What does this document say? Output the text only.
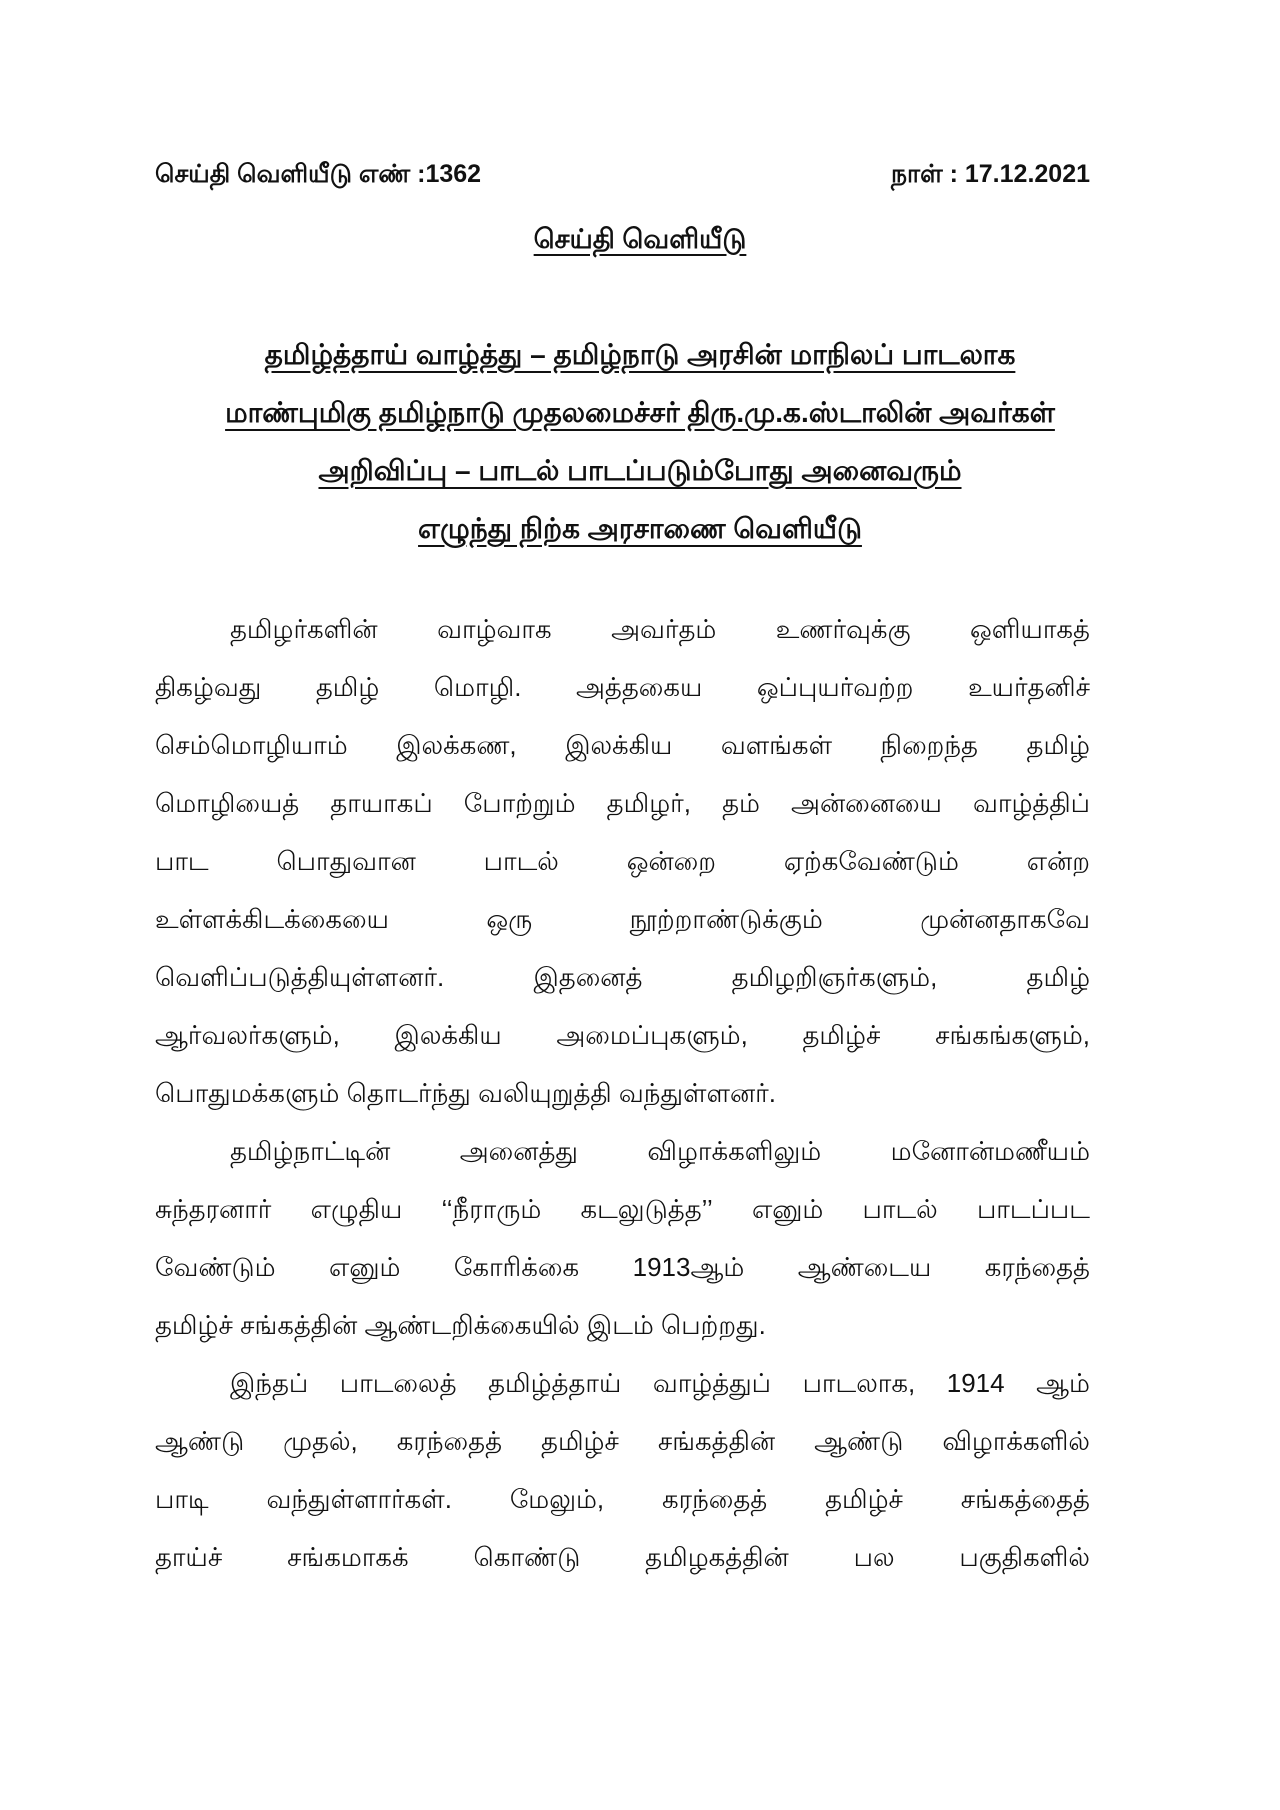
செய்தி வெளியீடு எண் :1362	நாள் : 17.12.2021
செய்தி வெளியீடு
தமிழ்த்தாய் வாழ்த்து – தமிழ்நாடு அரசின் மாநிலப் பாடலாக
மாண்புமிகு தமிழ்நாடு முதலமைச்சர் திரு.மு.க.ஸ்டாலின் அவர்கள்
அறிவிப்பு – பாடல் பாடப்படும்போது அனைவரும்
எழுந்து நிற்க அரசாணை வெளியீடு
தமிழர்களின் வாழ்வாக அவர்தம் உணர்வுக்கு ஒளியாகத்
திகழ்வது தமிழ் மொழி. அத்தகைய ஒப்புயர்வற்ற உயர்தனிச்
செம்மொழியாம் இலக்கண, இலக்கிய வளங்கள் நிறைந்த தமிழ்
மொழியைத் தாயாகப் போற்றும் தமிழர், தம் அன்னையை வாழ்த்திப்
பாட	பொதுவான	பாடல்	ஒன்றை	ஏற்கவேண்டும்	என்ற
உள்ளக்கிடக்கையை	ஒரு	நூற்றாண்டுக்கும்	முன்னதாகவே
வெளிப்படுத்தியுள்ளனர்.	இதனைத்	தமிழறிஞர்களும்,	தமிழ்
ஆர்வலர்களும், இலக்கிய அமைப்புகளும், தமிழ்ச் சங்கங்களும்,
பொதுமக்களும் தொடர்ந்து வலியுறுத்தி வந்துள்ளனர்.
தமிழ்நாட்டின்	அனைத்து	விழாக்களிலும்	மனோன்மணீயம்
சுந்தரனார் எழுதிய ‘‘நீராரும் கடலுடுத்த’’ எனும் பாடல் பாடப்பட
வேண்டும் எனும் கோரிக்கை 1913ஆம் ஆண்டைய கரந்தைத்
தமிழ்ச் சங்கத்தின் ஆண்டறிக்கையில் இடம் பெற்றது.
இந்தப் பாடலைத் தமிழ்த்தாய் வாழ்த்துப் பாடலாக, 1914 ஆம்
ஆண்டு முதல், கரந்தைத் தமிழ்ச் சங்கத்தின் ஆண்டு விழாக்களில்
பாடி வந்துள்ளார்கள். மேலும், கரந்தைத் தமிழ்ச் சங்கத்தைத்
தாய்ச் சங்கமாகக் கொண்டு தமிழகத்தின் பல பகுதிகளில்
